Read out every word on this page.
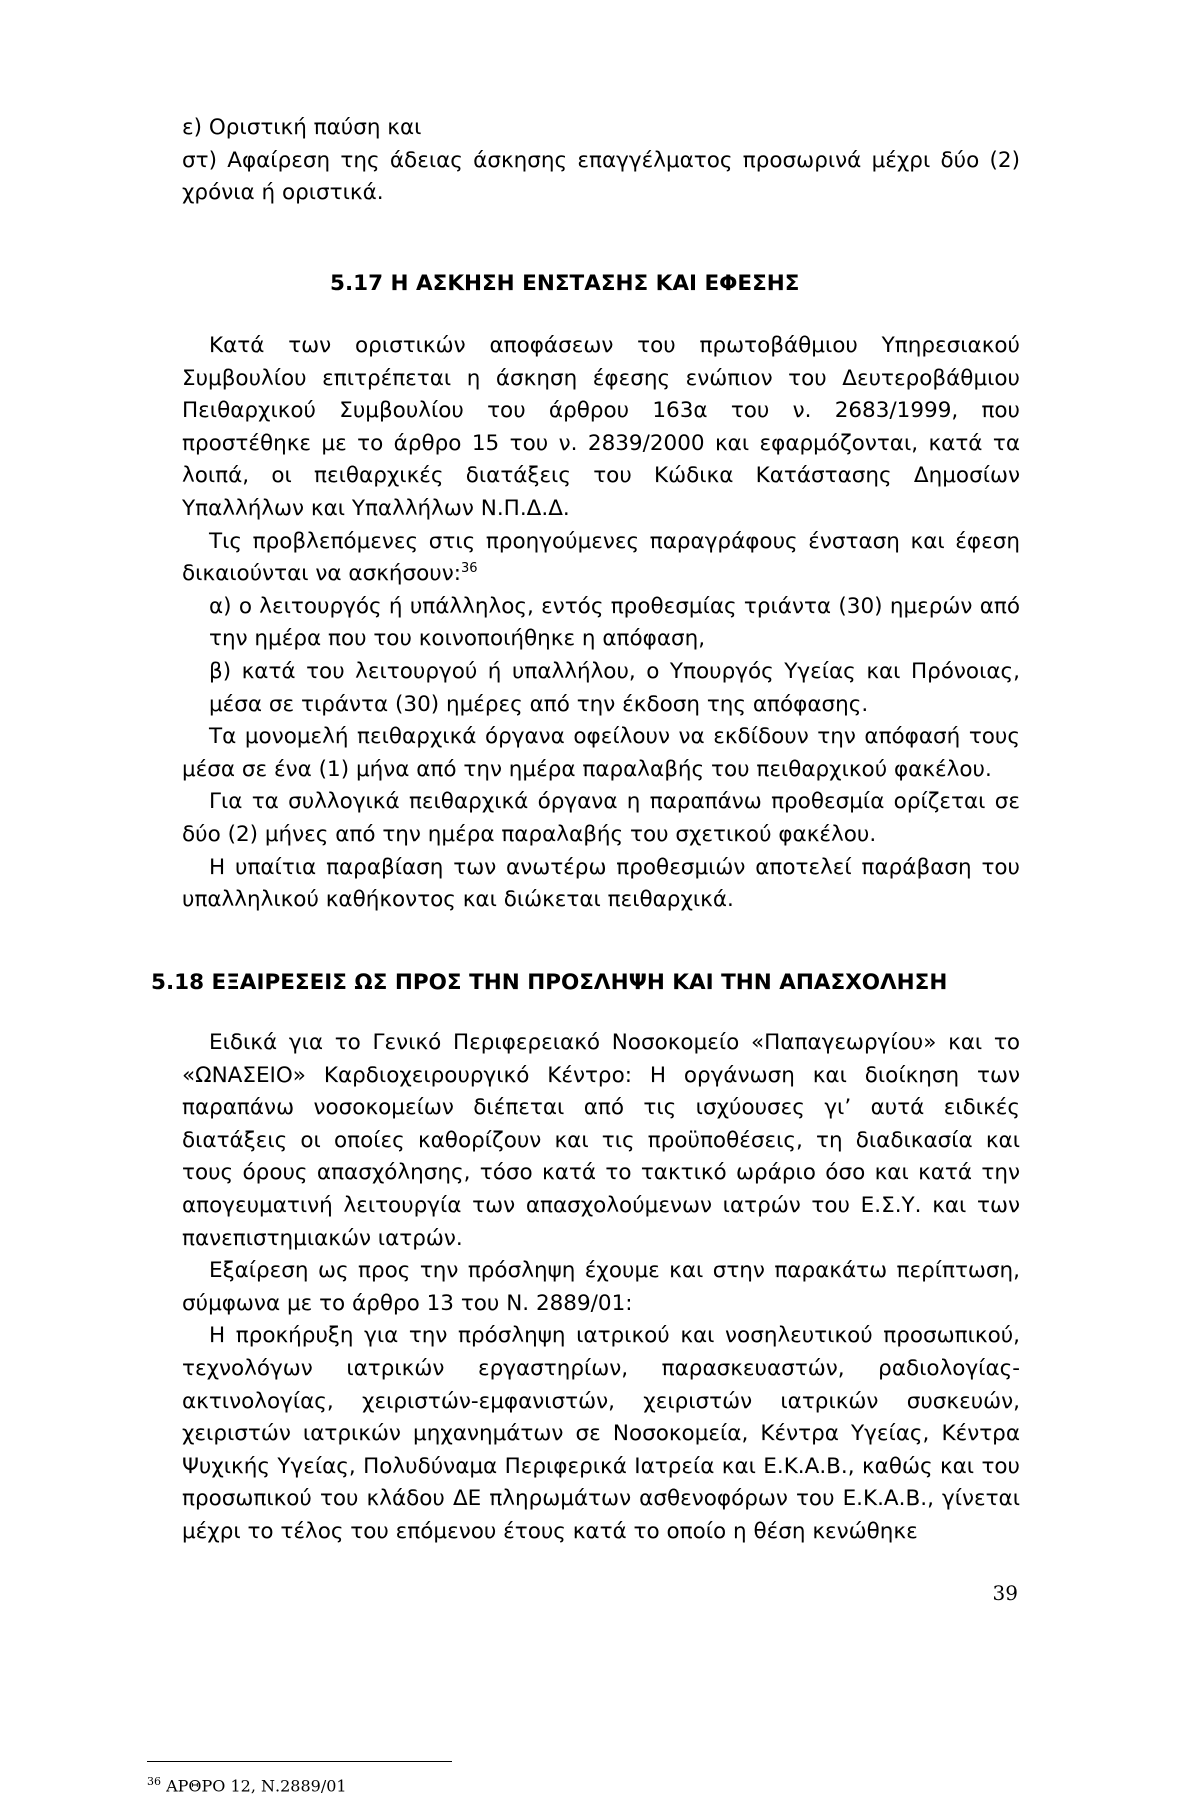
ε) Οριστική παύση και

στ) Αφαίρεση της άδειας άσκησης επαγγέλματος προσωρινά μέχρι δύο (2) χρόνια ή οριστικά.

5.17 Η ΑΣΚΗΣΗ ΕΝΣΤΑΣΗΣ ΚΑΙ ΕΦΕΣΗΣ

Κατά των οριστικών αποφάσεων του πρωτοβάθμιου Υπηρεσιακού Συμβουλίου επιτρέπεται η άσκηση έφεσης ενώπιον του Δευτεροβάθμιου Πειθαρχικού Συμβουλίου του άρθρου 163α του ν. 2683/1999, που προστέθηκε με το άρθρο 15 του ν. 2839/2000 και εφαρμόζονται, κατά τα λοιπά, οι πειθαρχικές διατάξεις του Κώδικα Κατάστασης Δημοσίων Υπαλλήλων και Υπαλλήλων Ν.Π.Δ.Δ.

Τις προβλεπόμενες στις προηγούμενες παραγράφους ένσταση και έφεση δικαιούνται να ασκήσουν:$^{36}$

α) ο λειτουργός ή υπάλληλος, εντός προθεσμίας τριάντα (30) ημερών από την ημέρα που του κοινοποιήθηκε η απόφαση,

β) κατά του λειτουργού ή υπαλλήλου, ο Υπουργός Υγείας και Πρόνοιας, μέσα σε τιράντα (30) ημέρες από την έκδοση της απόφασης.

Τα μονομελή πειθαρχικά όργανα οφείλουν να εκδίδουν την απόφασή τους μέσα σε ένα (1) μήνα από την ημέρα παραλαβής του πειθαρχικού φακέλου.

Για τα συλλογικά πειθαρχικά όργανα η παραπάνω προθεσμία ορίζεται σε δύο (2) μήνες από την ημέρα παραλαβής του σχετικού φακέλου.

Η υπαίτια παραβίαση των ανωτέρω προθεσμιών αποτελεί παράβαση του υπαλληλικού καθήκοντος και διώκεται πειθαρχικά.

5.18 ΕΞΑΙΡΕΣΕΙΣ ΩΣ ΠΡΟΣ ΤΗΝ ΠΡΟΣΛΗΨΗ ΚΑΙ ΤΗΝ ΑΠΑΣΧΟΛΗΣΗ

Ειδικά για το Γενικό Περιφερειακό Νοσοκομείο «Παπαγεωργίου» και το «ΩΝΑΣΕΙΟ» Καρδιοχειρουργικό Κέντρο: Η οργάνωση και διοίκηση των παραπάνω νοσοκομείων διέπεται από τις ισχύουσες γι’ αυτά ειδικές διατάξεις οι οποίες καθορίζουν και τις προϋποθέσεις, τη διαδικασία και τους όρους απασχόλησης, τόσο κατά το τακτικό ωράριο όσο και κατά την απογευματινή λειτουργία των απασχολούμενων ιατρών του Ε.Σ.Υ. και των πανεπιστημιακών ιατρών.

Εξαίρεση ως προς την πρόσληψη έχουμε και στην παρακάτω περίπτωση, σύμφωνα με το άρθρο 13 του Ν. 2889/01:

Η προκήρυξη για την πρόσληψη ιατρικού και νοσηλευτικού προσωπικού, τεχνολόγων ιατρικών εργαστηρίων, παρασκευαστών, ραδιολογίας-ακτινολογίας, χειριστών-εμφανιστών, χειριστών ιατρικών συσκευών, χειριστών ιατρικών μηχανημάτων σε Νοσοκομεία, Κέντρα Υγείας, Κέντρα Ψυχικής Υγείας, Πολυδύναμα Περιφερικά Ιατρεία και Ε.Κ.Α.Β., καθώς και του προσωπικού του κλάδου ΔΕ πληρωμάτων ασθενοφόρων του Ε.Κ.Α.Β., γίνεται μέχρι το τέλος του επόμενου έτους κατά το οποίο η θέση κενώθηκε

$^{36}$ ΑΡΘΡΟ 12, Ν.2889/01
39
